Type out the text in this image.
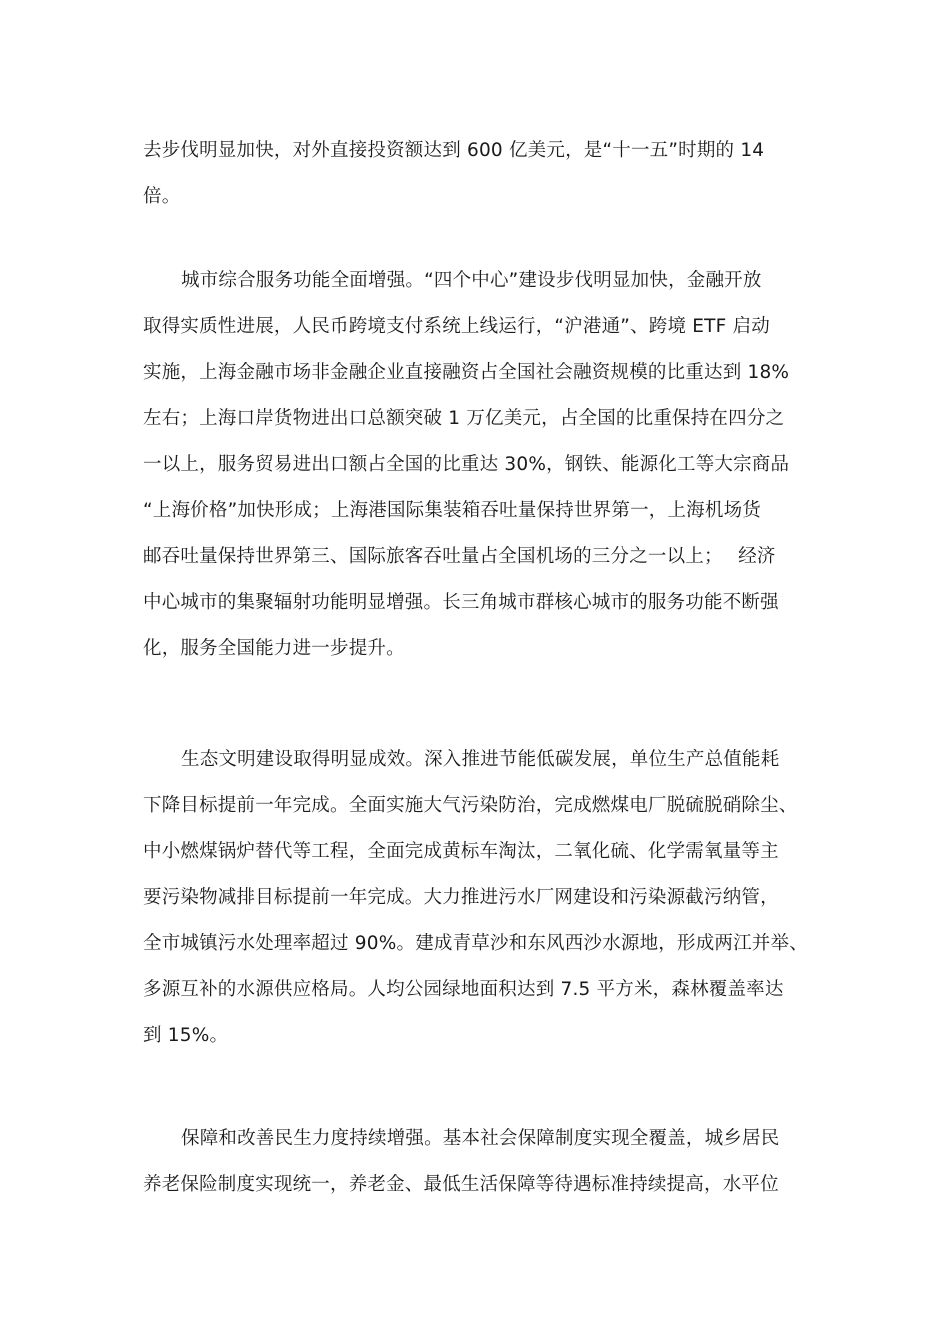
去步伐明显加快，对外直接投资额达到 600 亿美元，是“十一五”时期的 14
倍。
城市综合服务功能全面增强。“四个中心”建设步伐明显加快，金融开放
取得实质性进展，人民币跨境支付系统上线运行，“沪港通”、跨境 ETF 启动
实施，上海金融市场非金融企业直接融资占全国社会融资规模的比重达到 18%
左右；上海口岸货物进出口总额突破 1 万亿美元，占全国的比重保持在四分之
一以上，服务贸易进出口额占全国的比重达 30%，钢铁、能源化工等大宗商品
“上海价格”加快形成；上海港国际集装箱吞吐量保持世界第一，上海机场货
邮吞吐量保持世界第三、国际旅客吞吐量占全国机场的三分之一以上；　 经济
中心城市的集聚辐射功能明显增强。长三角城市群核心城市的服务功能不断强
化，服务全国能力进一步提升。
生态文明建设取得明显成效。深入推进节能低碳发展，单位生产总值能耗
下降目标提前一年完成。全面实施大气污染防治，完成燃煤电厂脱硫脱硝除尘、
中小燃煤锅炉替代等工程，全面完成黄标车淘汰，二氧化硫、化学需氧量等主
要污染物减排目标提前一年完成。大力推进污水厂网建设和污染源截污纳管，
全市城镇污水处理率超过 90%。建成青草沙和东风西沙水源地，形成两江并举、
多源互补的水源供应格局。人均公园绿地面积达到 7.5 平方米，森林覆盖率达
到 15%。
保障和改善民生力度持续增强。基本社会保障制度实现全覆盖，城乡居民
养老保险制度实现统一，养老金、最低生活保障等待遇标准持续提高，水平位
